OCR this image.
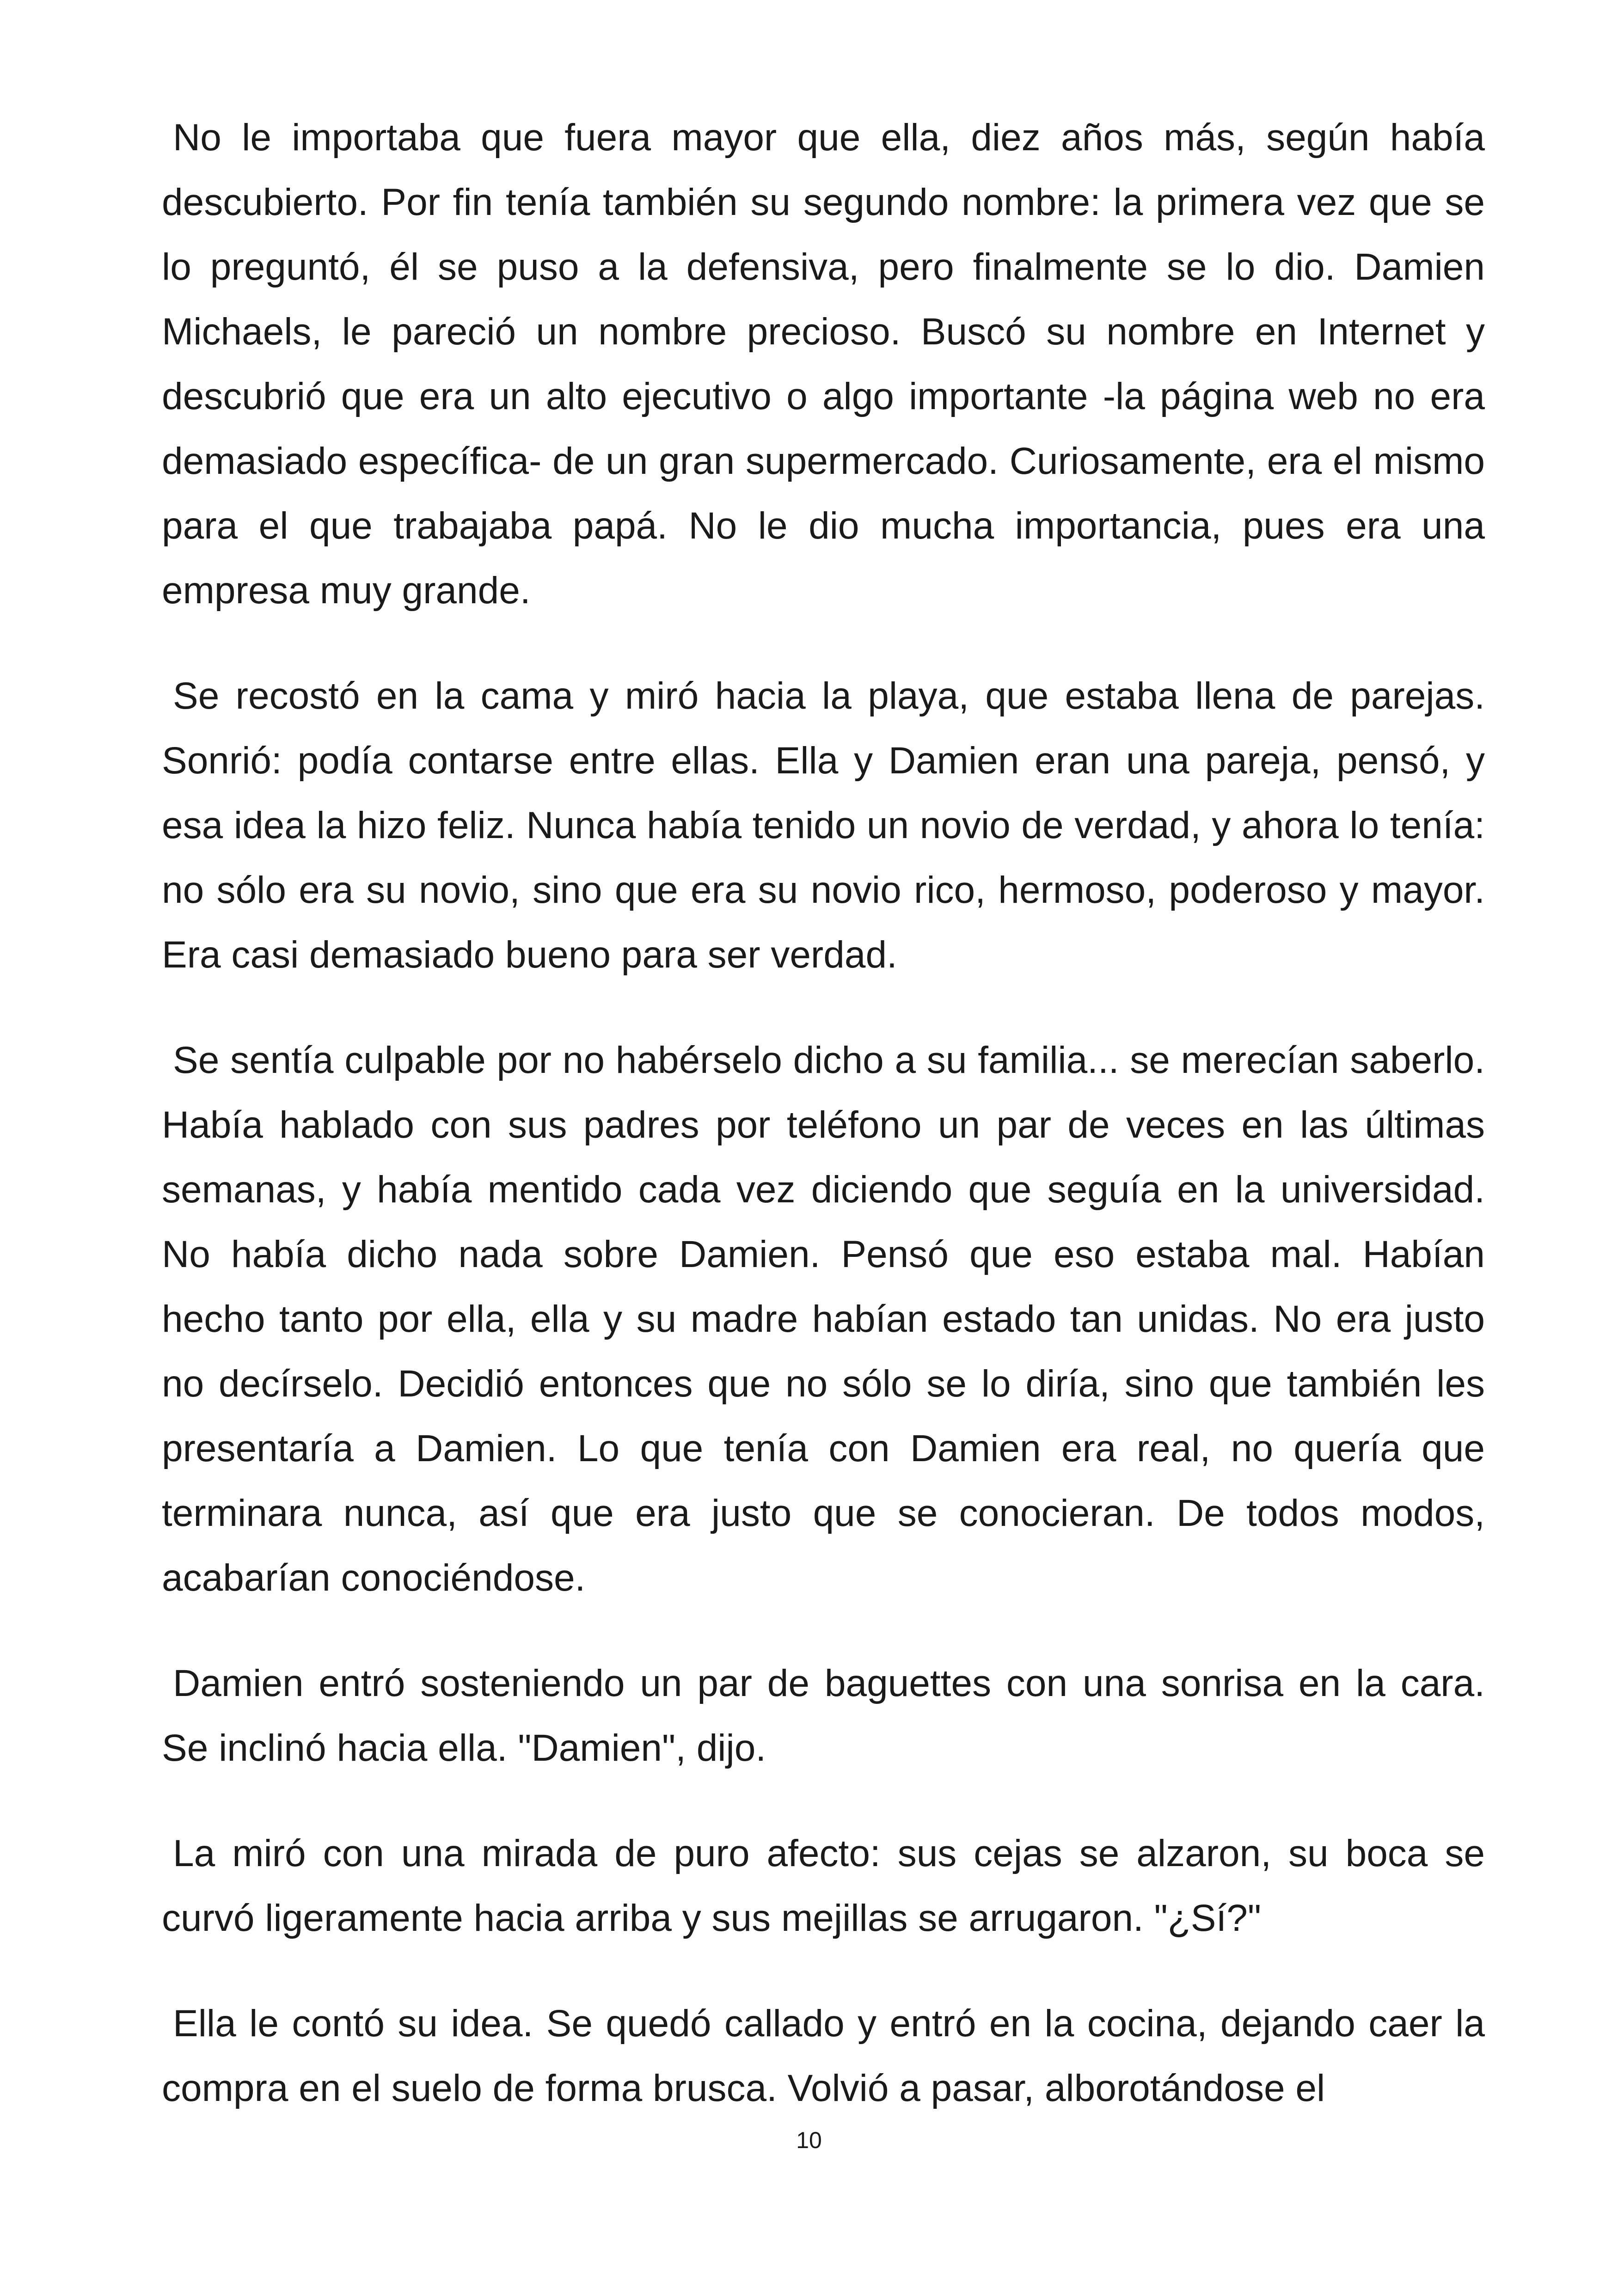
No le importaba que fuera mayor que ella, diez años más, según había descubierto. Por fin tenía también su segundo nombre: la primera vez que se lo preguntó, él se puso a la defensiva, pero finalmente se lo dio. Damien Michaels, le pareció un nombre precioso. Buscó su nombre en Internet y descubrió que era un alto ejecutivo o algo importante -la página web no era demasiado específica- de un gran supermercado. Curiosamente, era el mismo para el que trabajaba papá. No le dio mucha importancia, pues era una empresa muy grande.

Se recostó en la cama y miró hacia la playa, que estaba llena de parejas. Sonrió: podía contarse entre ellas. Ella y Damien eran una pareja, pensó, y esa idea la hizo feliz. Nunca había tenido un novio de verdad, y ahora lo tenía: no sólo era su novio, sino que era su novio rico, hermoso, poderoso y mayor. Era casi demasiado bueno para ser verdad.

Se sentía culpable por no habérselo dicho a su familia... se merecían saberlo. Había hablado con sus padres por teléfono un par de veces en las últimas semanas, y había mentido cada vez diciendo que seguía en la universidad. No había dicho nada sobre Damien. Pensó que eso estaba mal. Habían hecho tanto por ella, ella y su madre habían estado tan unidas. No era justo no decírselo. Decidió entonces que no sólo se lo diría, sino que también les presentaría a Damien. Lo que tenía con Damien era real, no quería que terminara nunca, así que era justo que se conocieran. De todos modos, acabarían conociéndose.

Damien entró sosteniendo un par de baguettes con una sonrisa en la cara. Se inclinó hacia ella. "Damien", dijo.

La miró con una mirada de puro afecto: sus cejas se alzaron, su boca se curvó ligeramente hacia arriba y sus mejillas se arrugaron. "¿Sí?"

Ella le contó su idea. Se quedó callado y entró en la cocina, dejando caer la compra en el suelo de forma brusca. Volvió a pasar, alborotándose el

10
